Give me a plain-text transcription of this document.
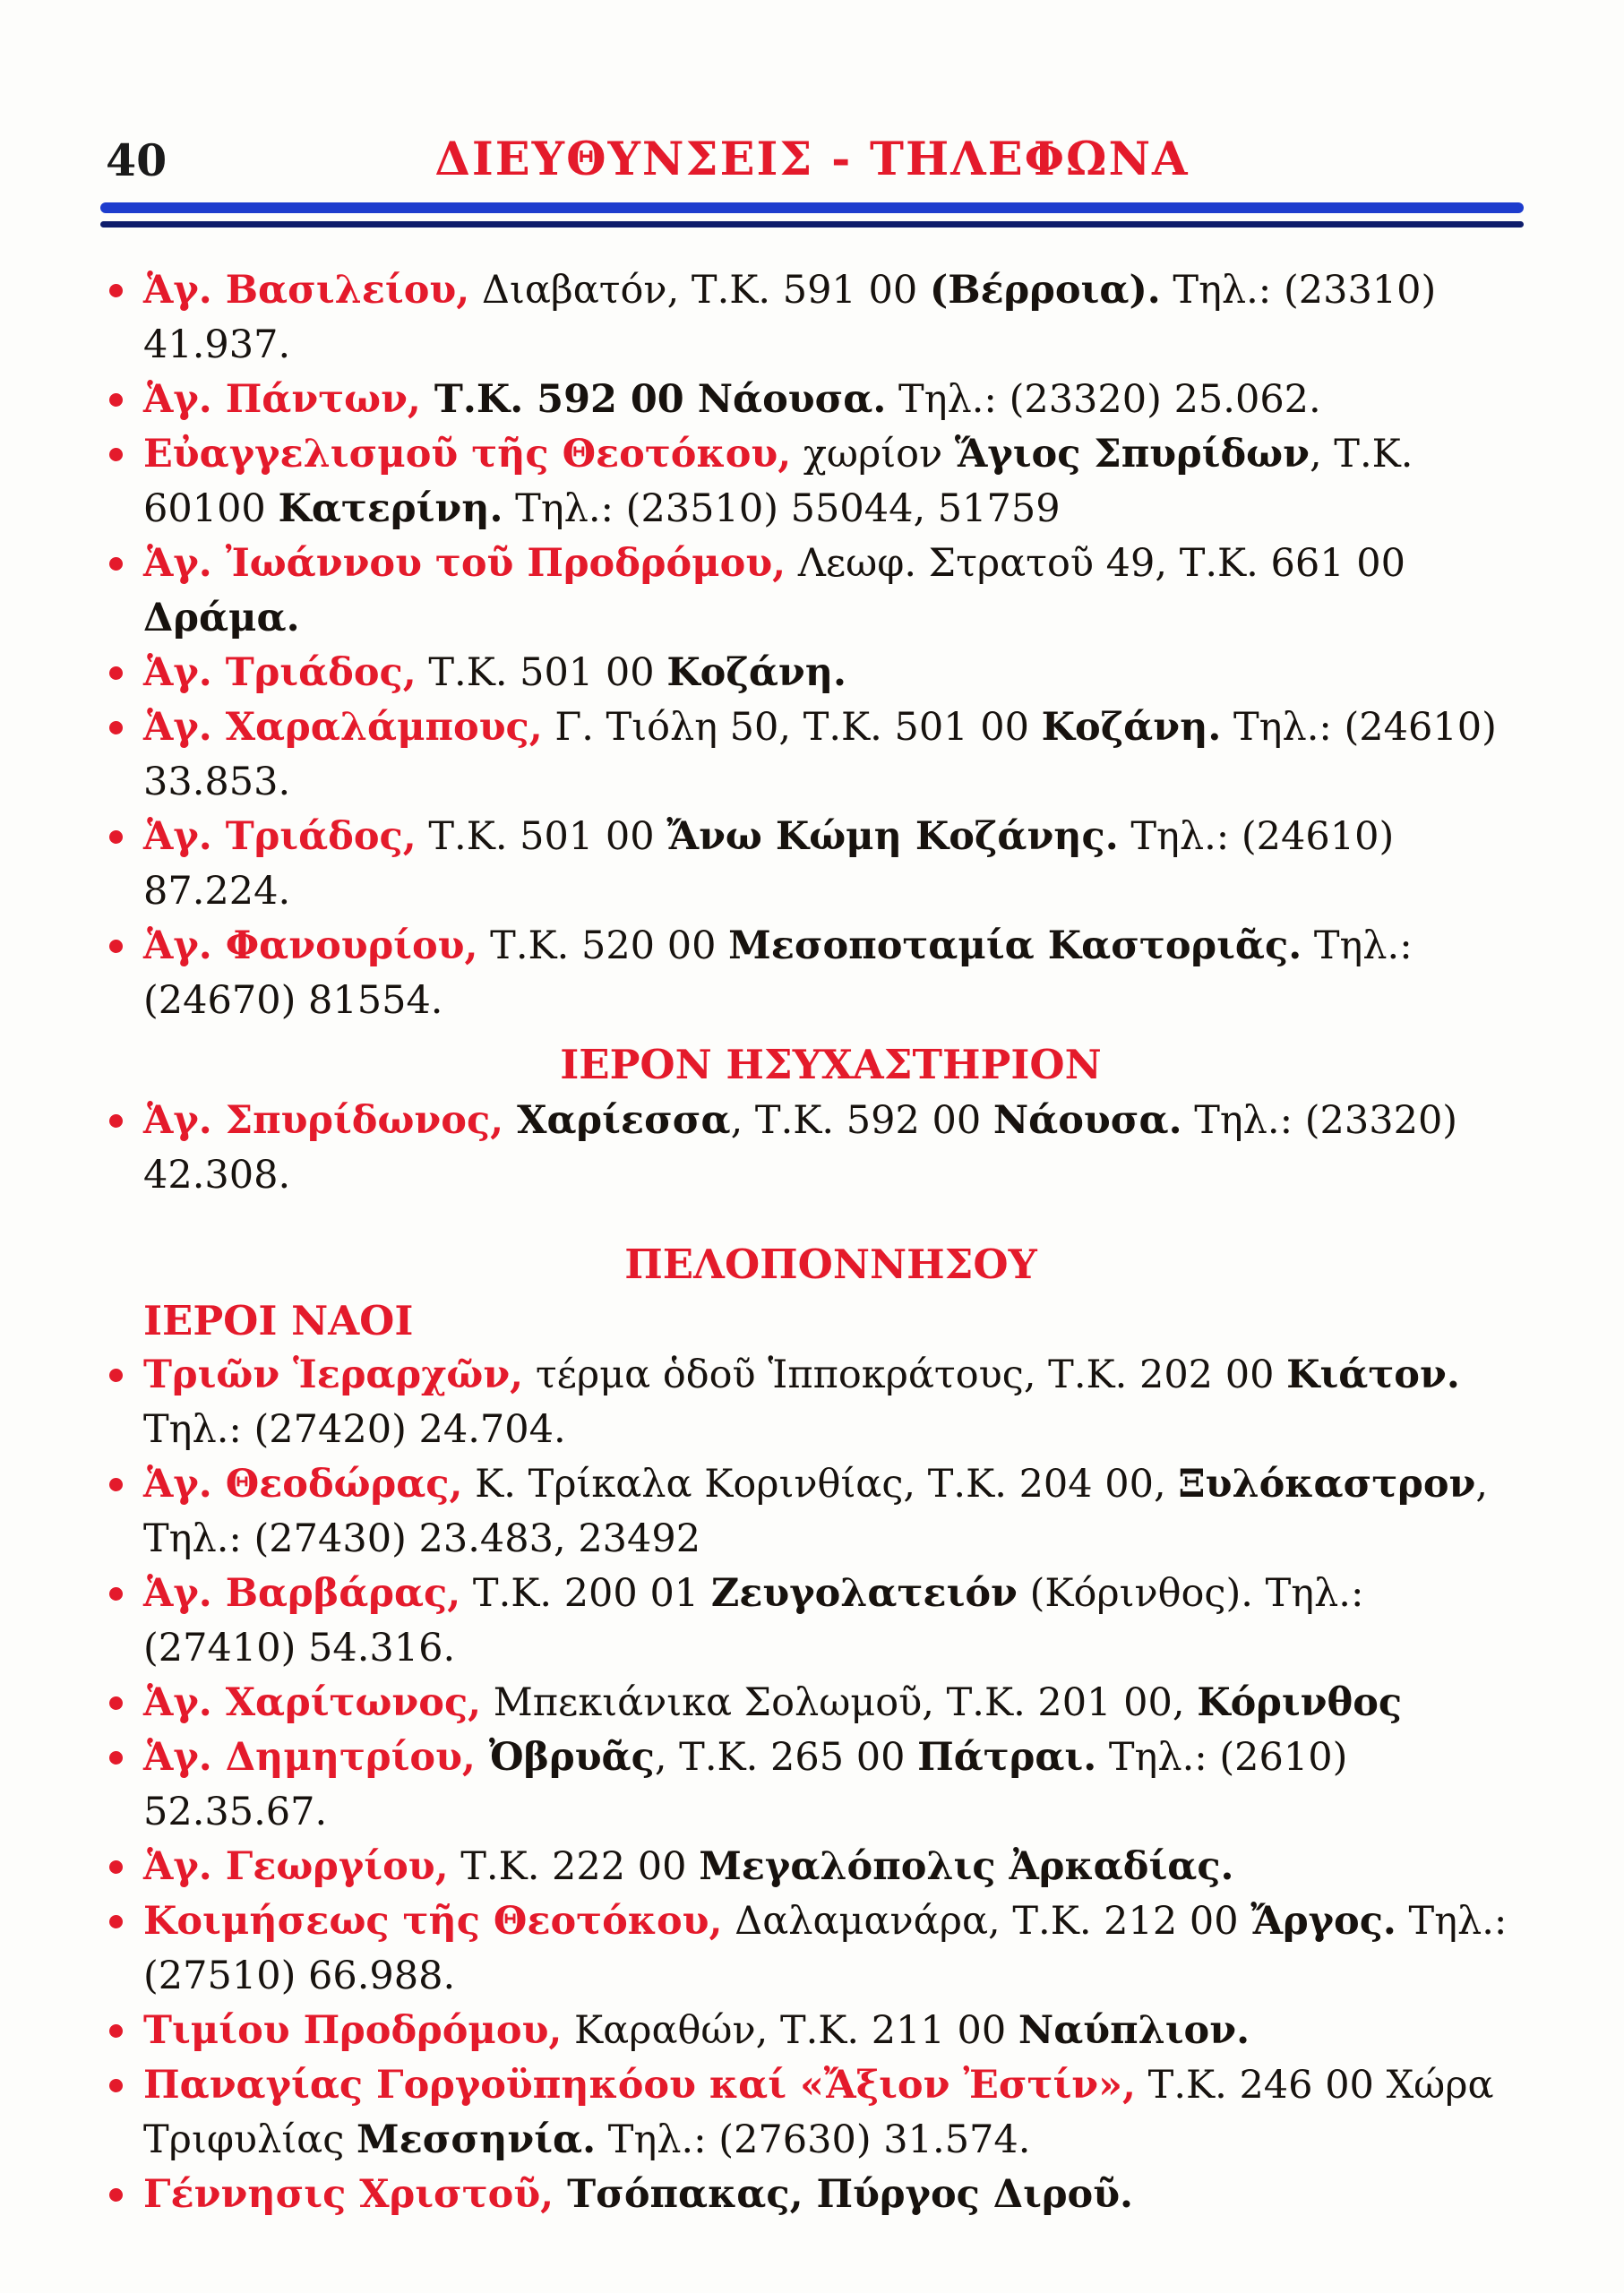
40	ΔΙΕΥΘΥΝΣΕΙΣ - ΤΗΛΕΦΩΝΑ
Ἁγ. Βασιλείου, Διαβατόν, Τ.Κ. 591 00 (Βέρροια). Τηλ.: (23310) 41.937.
Ἁγ. Πάντων, Τ.Κ. 592 00 Νάουσα. Τηλ.: (23320) 25.062.
Εὐαγγελισμοῦ τῆς Θεοτόκου, χωρίον Ἅγιος Σπυρίδων, Τ.Κ. 60100 Κατερίνη. Τηλ.: (23510) 55044, 51759
Ἁγ. Ἰωάννου τοῦ Προδρόμου, Λεωφ. Στρατοῦ 49, Τ.Κ. 661 00 Δράμα.
Ἁγ. Τριάδος, Τ.Κ. 501 00 Κοζάνη.
Ἁγ. Χαραλάμπους, Γ. Τιόλη 50, Τ.Κ. 501 00 Κοζάνη. Τηλ.: (24610) 33.853.
Ἁγ. Τριάδος, Τ.Κ. 501 00 Ἄνω Κώμη Κοζάνης. Τηλ.: (24610) 87.224.
Ἁγ. Φανουρίου, Τ.Κ. 520 00 Μεσοποταμία Καστοριᾶς. Τηλ.: (24670) 81554.
ΙΕΡΟΝ ΗΣΥΧΑΣΤΗΡΙΟΝ
Ἁγ. Σπυρίδωνος, Χαρίεσσα, Τ.Κ. 592 00 Νάουσα. Τηλ.: (23320) 42.308.
ΠΕΛΟΠΟΝΝΗΣΟΥ
ΙΕΡΟΙ ΝΑΟΙ
Τριῶν Ἱεραρχῶν, τέρμα ὁδοῦ Ἱπποκράτους, Τ.Κ. 202 00 Κιάτον. Τηλ.: (27420) 24.704.
Ἁγ. Θεοδώρας, Κ. Τρίκαλα Κορινθίας, Τ.Κ. 204 00, Ξυλόκαστρον, Τηλ.: (27430) 23.483, 23492
Ἁγ. Βαρβάρας, Τ.Κ. 200 01 Ζευγολατειόν (Κόρινθος). Τηλ.: (27410) 54.316.
Ἁγ. Χαρίτωνος, Μπεκιάνικα Σολωμοῦ, Τ.Κ. 201 00, Κόρινθος
Ἁγ. Δημητρίου, Ὀβρυᾶς, Τ.Κ. 265 00 Πάτραι. Τηλ.: (2610) 52.35.67.
Ἁγ. Γεωργίου, Τ.Κ. 222 00 Μεγαλόπολις Ἀρκαδίας.
Κοιμήσεως τῆς Θεοτόκου, Δαλαμανάρα, Τ.Κ. 212 00 Ἄργος. Τηλ.: (27510) 66.988.
Τιμίου Προδρόμου, Καραθών, Τ.Κ. 211 00 Ναύπλιον.
Παναγίας Γοργοϋπηκόου καί «Ἄξιον Ἐστίν», Τ.Κ. 246 00 Χώρα Τριφυλίας Μεσσηνία. Τηλ.: (27630) 31.574.
Γέννησις Χριστοῦ, Τσόπακας, Πύργος Διροῦ.
